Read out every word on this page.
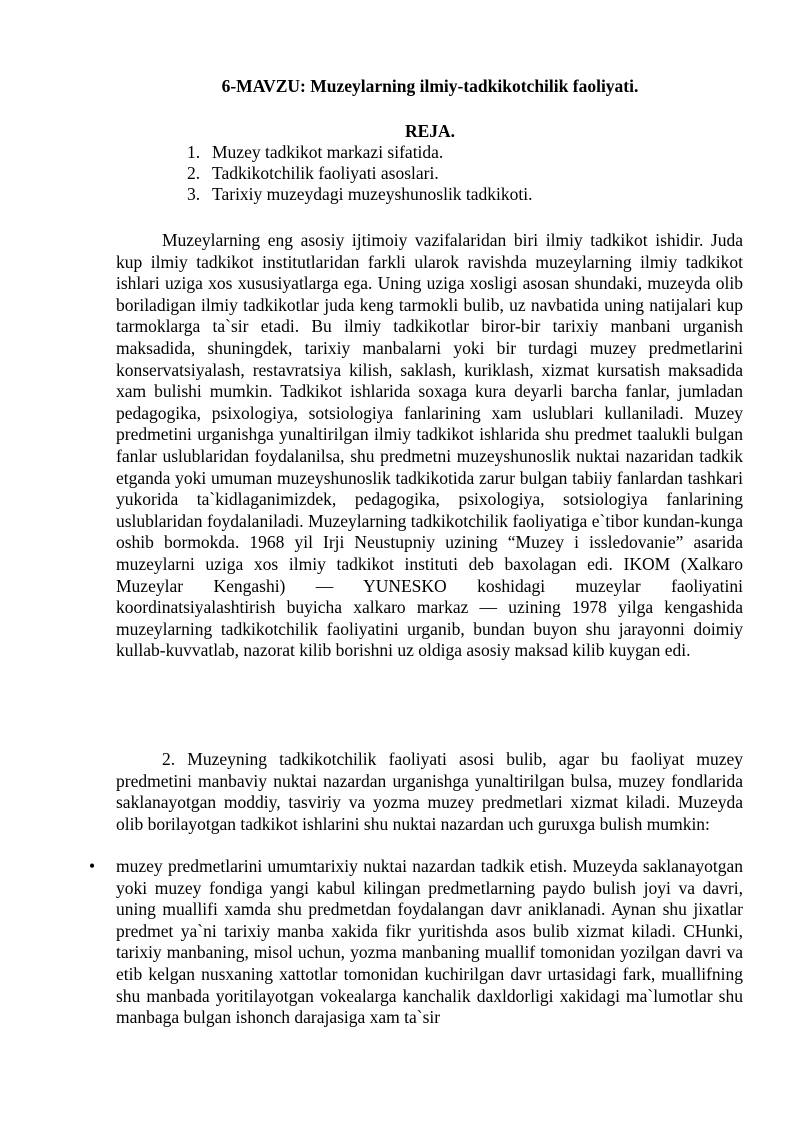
6-MAVZU: Muzeylarning ilmiy-tadkikotchilik faoliyati.
REJA.
1. Muzey tadkikot markazi sifatida.
2. Tadkikotchilik faoliyati asoslari.
3. Tarixiy muzeydagi muzeyshunoslik tadkikoti.

Muzeylarning eng asosiy ijtimoiy vazifalaridan biri ilmiy tadkikot ishidir. Juda kup ilmiy tadkikot institutlaridan farkli ularok ravishda muzeylarning ilmiy tadkikot ishlari uziga xos xususiyatlarga ega. Uning uziga xosligi asosan shundaki, muzeyda olib boriladigan ilmiy tadkikotlar juda keng tarmokli bulib, uz navbatida uning natijalari kup tarmoklarga ta`sir etadi. Bu ilmiy tadkikotlar biror-bir tarixiy manbani urganish maksadida, shuningdek, tarixiy manbalarni yoki bir turdagi muzey predmetlarini konservatsiyalash, restavratsiya kilish, saklash, kuriklash, xizmat kursatish maksadida xam bulishi mumkin. Tadkikot ishlarida soxaga kura deyarli barcha fanlar, jumladan pedagogika, psixologiya, sotsiologiya fanlarining xam uslublari kullaniladi. Muzey predmetini urganishga yunaltirilgan ilmiy tadkikot ishlarida shu predmet taalukli bulgan fanlar uslublaridan foydalanilsa, shu predmetni muzeyshunoslik nuktai nazaridan tadkik etganda yoki umuman muzeyshunoslik tadkikotida zarur bulgan tabiiy fanlardan tashkari yukorida ta`kidlaganimizdek, pedagogika, psixologiya, sotsiologiya fanlarining uslublaridan foydalaniladi. Muzeylarning tadkikotchilik faoliyatiga e`tibor kundan-kunga oshib bormokda. 1968 yil Irji Neustupniy uzining “Muzey i issledovanie” asarida muzeylarni uziga xos ilmiy tadkikot instituti deb baxolagan edi. IKOM (Xalkaro Muzeylar Kengashi) — YUNESKO koshidagi muzeylar faoliyatini koordinatsiyalashtirish buyicha xalkaro markaz — uzining 1978 yilga kengashida muzeylarning tadkikotchilik faoliyatini urganib, bundan buyon shu jarayonni doimiy kullab-kuvvatlab, nazorat kilib borishni uz oldiga asosiy maksad kilib kuygan edi.

2. Muzeyning tadkikotchilik faoliyati asosi bulib, agar bu faoliyat muzey predmetini manbaviy nuktai nazardan urganishga yunaltirilgan bulsa, muzey fondlarida saklanayotgan moddiy, tasviriy va yozma muzey predmetlari xizmat kiladi. Muzeyda olib borilayotgan tadkikot ishlarini shu nuktai nazardan uch guruxga bulish mumkin:

• muzey predmetlarini umumtarixiy nuktai nazardan tadkik etish. Muzeyda saklanayotgan yoki muzey fondiga yangi kabul kilingan predmetlarning paydo bulish joyi va davri, uning muallifi xamda shu predmetdan foydalangan davr aniklanadi. Aynan shu jixatlar predmet ya`ni tarixiy manba xakida fikr yuritishda asos bulib xizmat kiladi. CHunki, tarixiy manbaning, misol uchun, yozma manbaning muallif tomonidan yozilgan davri va etib kelgan nusxaning xattotlar tomonidan kuchirilgan davr urtasidagi fark, muallifning shu manbada yoritilayotgan vokealarga kanchalik daxldorligi xakidagi ma`lumotlar shu manbaga bulgan ishonch darajasiga xam ta`sir
